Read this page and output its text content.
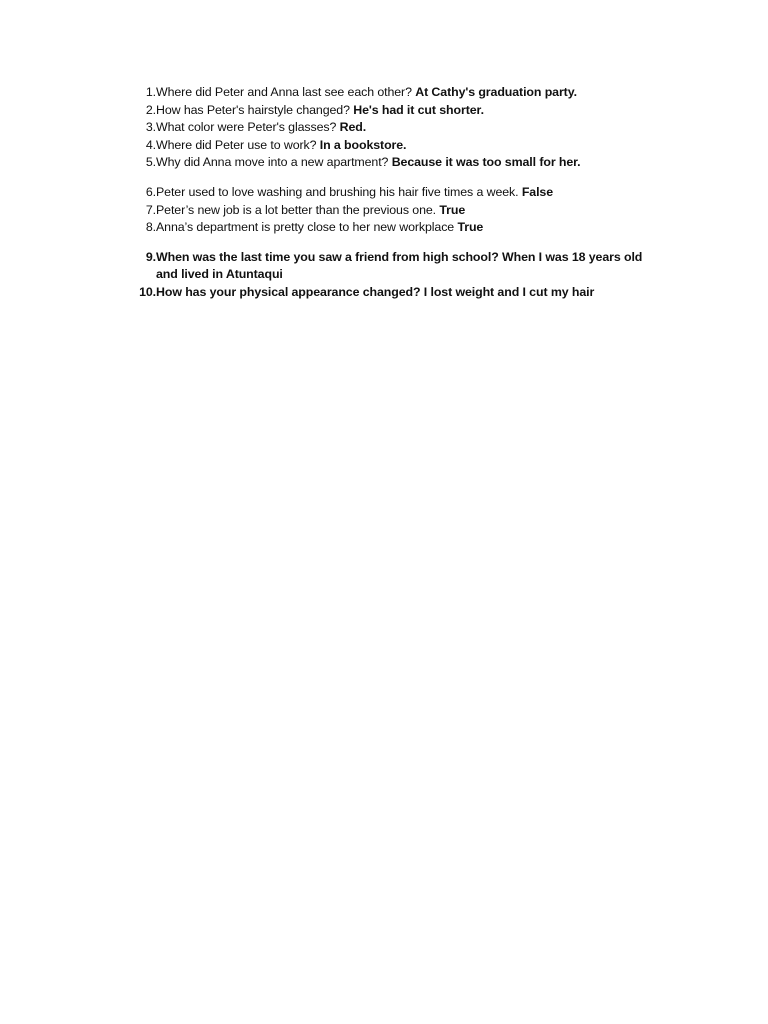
1. Where did Peter and Anna last see each other? At Cathy's graduation party.
2. How has Peter's hairstyle changed? He's had it cut shorter.
3. What color were Peter's glasses? Red.
4. Where did Peter use to work? In a bookstore.
5. Why did Anna move into a new apartment? Because it was too small for her.
6. Peter used to love washing and brushing his hair five times a week. False
7. Peter’s new job is a lot better than the previous one. True
8. Anna’s department is pretty close to her new workplace True
9. When was the last time you saw a friend from high school? When I was 18 years old and lived in Atuntaqui
10. How has your physical appearance changed? I lost weight and I cut my hair
